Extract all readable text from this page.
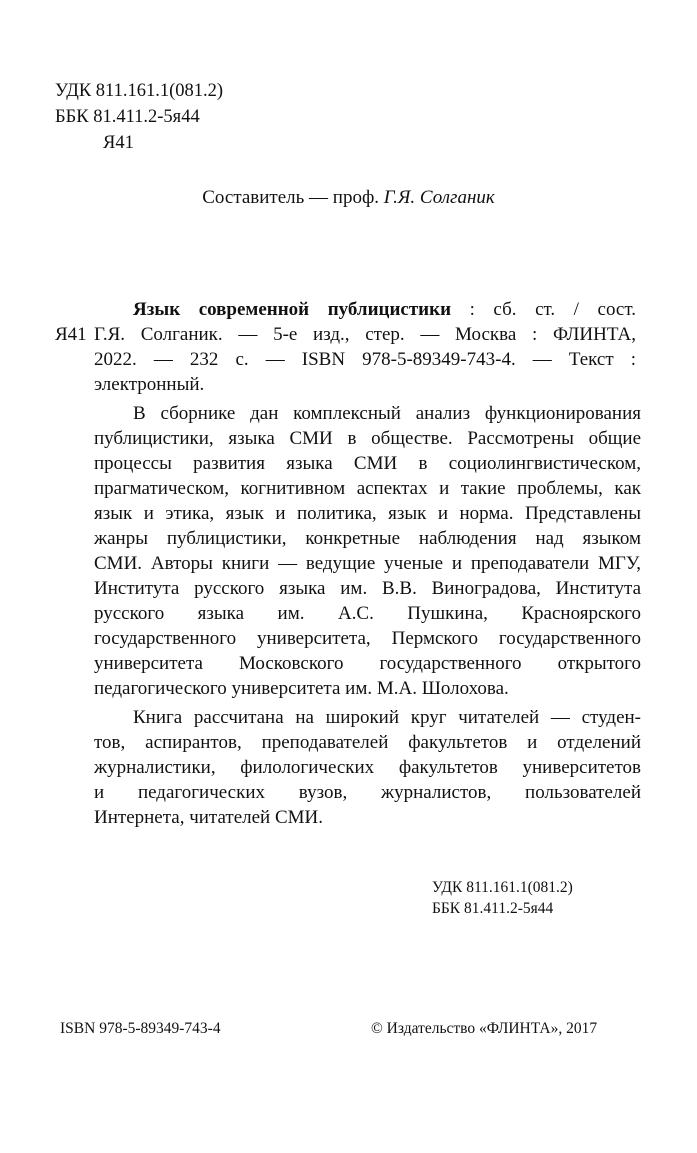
УДК 811.161.1(081.2)
ББК 81.411.2-5я44
Я41
Составитель — проф. Г.Я. Солганик
Язык современной публицистики : сб. ст. / сост.
Я41 Г.Я. Солганик. — 5-е изд., стер. — Москва : ФЛИНТА,
2022. — 232 с. — ISBN 978-5-89349-743-4. — Текст :
электронный.
В сборнике дан комплексный анализ функционирования
публицистики, языка СМИ в обществе. Рассмотрены общие
процессы развития языка СМИ в социолингвистическом,
прагматическом, когнитивном аспектах и такие проблемы, как
язык и этика, язык и политика, язык и норма. Представлены
жанры публицистики, конкретные наблюдения над языком
СМИ. Авторы книги — ведущие ученые и преподаватели МГУ,
Института русского языка им. В.В. Виноградова, Института
русского языка им. А.С. Пушкина, Красноярского
государственного университета, Пермского государственного
университета Московского государственного открытого
педагогического университета им. М.А. Шолохова.
Книга рассчитана на широкий круг читателей — студен-
тов, аспирантов, преподавателей факультетов и отделений
журналистики, филологических факультетов университетов
и педагогических вузов, журналистов, пользователей
Интернета, читателей СМИ.
УДК 811.161.1(081.2)
ББК 81.411.2-5я44
ISBN 978-5-89349-743-4	© Издательство «ФЛИНТА», 2017
